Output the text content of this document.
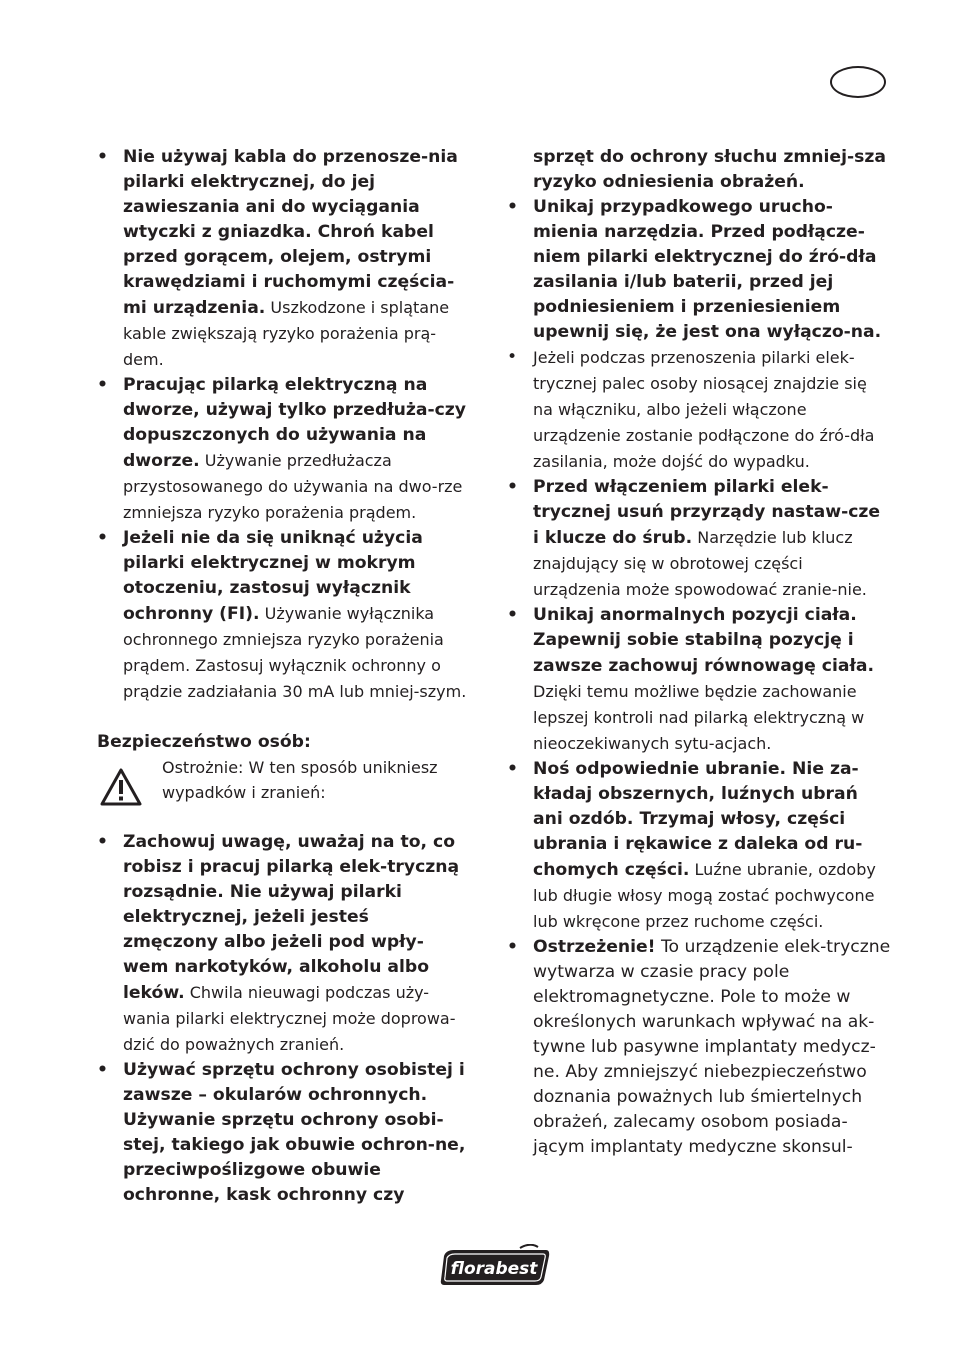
• Nie używaj kabla do przenosze-nia pilarki elektrycznej, do jej zawieszania ani do wyciągania wtyczki z gniazdka. Chroń kabel przed gorącem, olejem, ostrymi krawędziami i ruchomymi częścia-mi urządzenia. Uszkodzone i splątane kable zwiększają ryzyko porażenia prą-dem.

• Pracując pilarką elektryczną na dworze, używaj tylko przedłuża-czy dopuszczonych do używania na dworze. Używanie przedłużacza przystosowanego do używania na dwo-rze zmniejsza ryzyko porażenia prądem.

• Jeżeli nie da się uniknąć użycia pilarki elektrycznej w mokrym otoczeniu, zastosuj wyłącznik ochronny (FI). Używanie wyłącznika ochronnego zmniejsza ryzyko porażenia prądem. Zastosuj wyłącznik ochronny o prądzie zadziałania 30 mA lub mniej-szym.

Bezpieczeństwo osób:
Ostrożnie: W ten sposób unikniesz wypadków i zranień:

• Zachowuj uwagę, uważaj na to, co robisz i pracuj pilarką elek-tryczną rozsądnie. Nie używaj pilarki elektrycznej, jeżeli jesteś zmęczony albo jeżeli pod wpły-wem narkotyków, alkoholu albo leków. Chwila nieuwagi podczas uży-wania pilarki elektrycznej może doprowa-dzić do poważnych zranień.

• Używać sprzętu ochrony osobistej i zawsze – okularów ochronnych. Używanie sprzętu ochrony osobi-stej, takiego jak obuwie ochron-ne, przeciwpoślizgowe obuwie ochronne, kask ochronny czy

sprzęt do ochrony słuchu zmniej-sza ryzyko odniesienia obrażeń.

• Unikaj przypadkowego urucho-mienia narzędzia. Przed podłącze-niem pilarki elektrycznej do źró-dła zasilania i/lub baterii, przed jej podniesieniem i przeniesieniem upewnij się, że jest ona wyłączo-na.

• Jeżeli podczas przenoszenia pilarki elek-trycznej palec osoby niosącej znajdzie się na włączniku, albo jeżeli włączone urządzenie zostanie podłączone do źró-dła zasilania, może dojść do wypadku.

• Przed włączeniem pilarki elek-trycznej usuń przyrządy nastaw-cze i klucze do śrub. Narzędzie lub klucz znajdujący się w obrotowej części urządzenia może spowodować zranie-nie.

• Unikaj anormalnych pozycji ciała. Zapewnij sobie stabilną pozycję i zawsze zachowuj równowagę ciała. Dzięki temu możliwe będzie zachowanie lepszej kontroli nad pilarką elektryczną w nieoczekiwanych sytu-acjach.

• Noś odpowiednie ubranie. Nie za-kładaj obszernych, luźnych ubrań ani ozdób. Trzymaj włosy, części ubrania i rękawice z daleka od ru-chomych części. Luźne ubranie, ozdoby lub długie włosy mogą zostać pochwycone lub wkręcone przez ruchome części.

• Ostrzeżenie! To urządzenie elek-tryczne wytwarza w czasie pracy pole elektromagnetyczne. Pole to może w określonych warunkach wpływać na ak-tywne lub pasywne implantaty medycz-ne. Aby zmniejszyć niebezpieczeństwo doznania poważnych lub śmiertelnych obrażeń, zalecamy osobom posiada-jącym implantaty medyczne skonsul-

florabest
